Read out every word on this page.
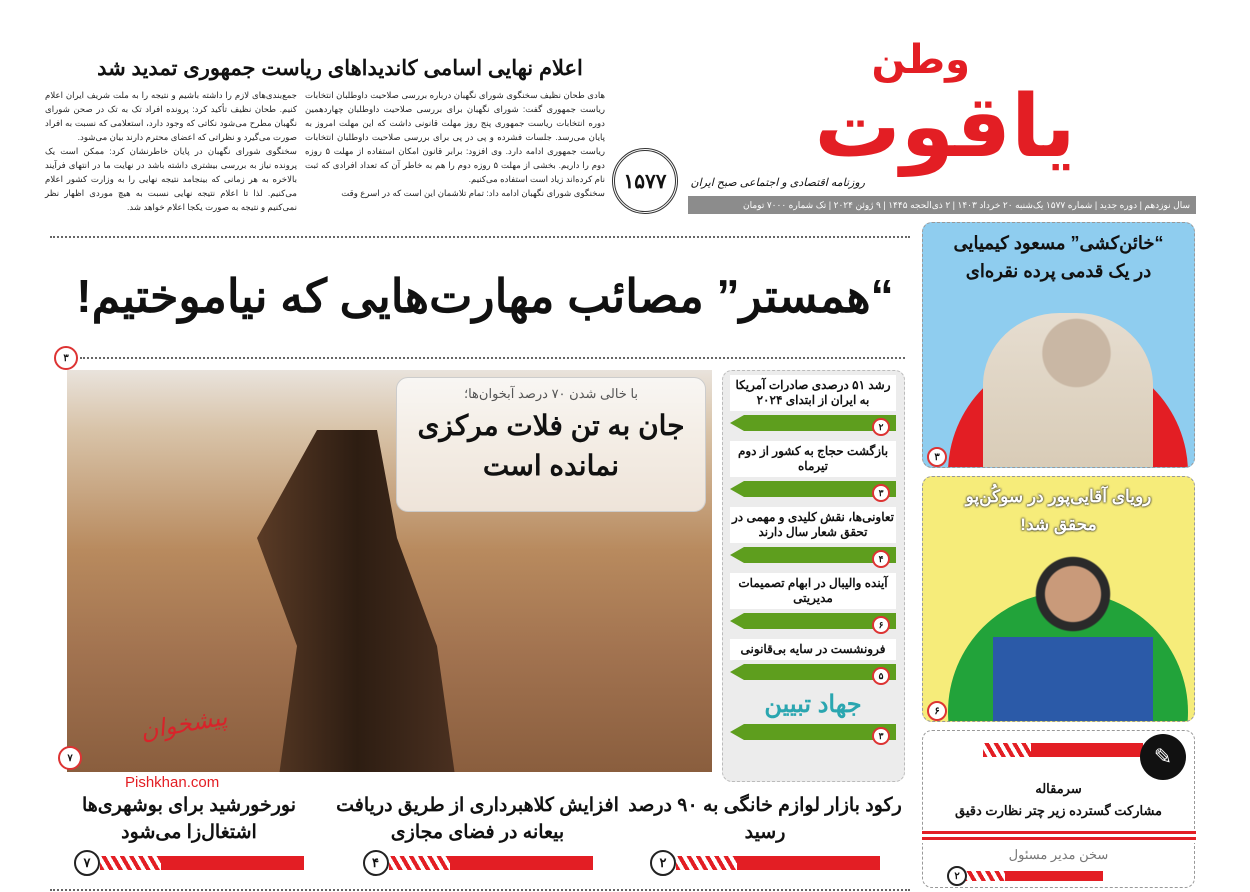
وطن
یاقوت
روزنامه اقتصادی و اجتماعی صبح ایران
۱۵۷۷
سال نوزدهم | دوره جدید | شماره ۱۵۷۷ یک‌شنبه ۲۰ خرداد ۱۴۰۳ | ۲ ذی‌الحجه ۱۴۴۵ | ۹ ژوئن ۲۰۲۴ | تک شماره ۷۰۰۰ تومان
اعلام نهایی اسامی کاندیداهای ریاست جمهوری تمدید شد

هادی طحان نظیف سخنگوی شورای نگهبان درباره بررسی صلاحیت داوطلبان انتخابات ریاست جمهوری گفت: شورای نگهبان برای بررسی صلاحیت داوطلبان چهاردهمین دوره انتخابات ریاست جمهوری پنج روز مهلت قانونی داشت که این مهلت امروز به پایان می‌رسد. جلسات فشرده و پی در پی برای بررسی صلاحیت داوطلبان انتخابات ریاست جمهوری ادامه دارد. وی افزود: برابر قانون امکان استفاده از مهلت ۵ روزه دوم را داریم. بخشی از مهلت ۵ روزه دوم را هم به خاطر آن که تعداد افرادی که ثبت نام کرده‌اند زیاد است استفاده می‌کنیم.

سخنگوی شورای نگهبان ادامه داد: تمام تلاشمان این است که در اسرع وقت

جمع‌بندی‌های لازم را داشته باشیم و نتیجه را به ملت شریف ایران اعلام کنیم. طحان نظیف تأکید کرد: پرونده افراد تک به تک در صحن شورای نگهبان مطرح می‌شود نکاتی که وجود دارد، استعلامی که نسبت به افراد صورت می‌گیرد و نظراتی که اعضای محترم دارند بیان می‌شود.

سخنگوی شورای نگهبان در پایان خاطرنشان کرد: ممکن است یک پرونده نیاز به بررسی بیشتری داشته باشد در نهایت ما در انتهای فرآیند بالاخره به هر زمانی که بینجامد نتیجه نهایی را به وزارت کشور اعلام می‌کنیم. لذا تا اعلام نتیجه نهایی نسبت به هیچ موردی اظهار نظر نمی‌کنیم و نتیجه به صورت یکجا اعلام خواهد شد.

“همستر” مصائب مهارت‌هایی که نیاموختیم!
۳
با خالی شدن ۷۰ درصد آبخوان‌ها؛
جان به تن فلات مرکزی نمانده است
پیشخوان
Pishkhan.com
۷
رشد ۵۱ درصدی صادرات آمریکا به ایران از ابتدای ۲۰۲۴
۲
بازگشت حجاج به کشور از دوم تیرماه
۳
تعاونی‌ها، نقش کلیدی و مهمی در تحقق شعار سال دارند
۴
آینده والیبال در ابهام تصمیمات مدیریتی
۶
فرونشست در سایه بی‌قانونی
۵
جهاد تبیین
۳
“خائن‌کشی” مسعود کیمیایی در یک قدمی پرده نقره‌ای
۳
رویای آقایی‌پور در سوکُن‌پو محقق شد!
۶
✎
سرمقاله
مشارکت گسترده زیر چتر نظارت دقیق
سخن مدیر مسئول
۲
رکود بازار لوازم خانگی به ۹۰ درصد رسید
۲
افزایش کلاهبرداری از طریق دریافت بیعانه در فضای مجازی
۴
نورخورشید برای بوشهری‌ها اشتغال‌زا می‌شود
۷
